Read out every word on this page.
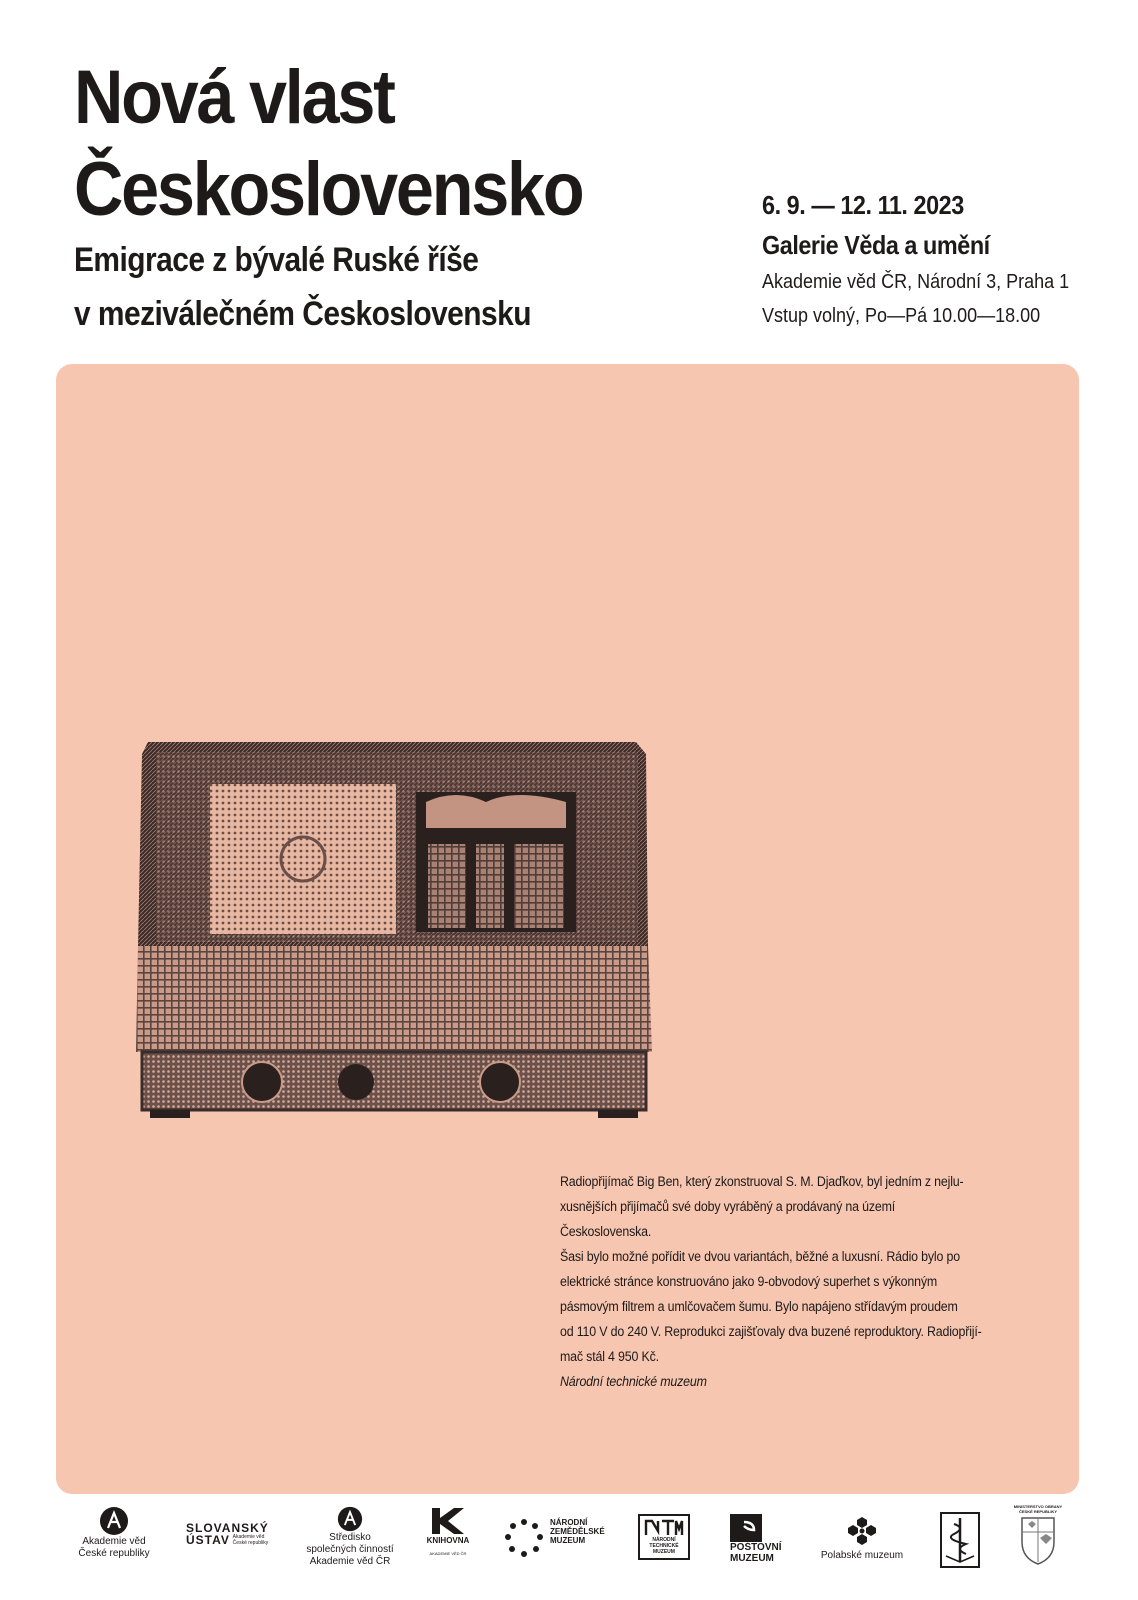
Nová vlast
Československo
Emigrace z bývalé Ruské říše
v meziválečném Československu
6. 9. — 12. 11. 2023
Galerie Věda a umění
Akademie věd ČR, Národní 3, Praha 1
Vstup volný, Po—Pá 10.00—18.00
Radiopřijímač Big Ben, který zkonstruoval S. M. Djaďkov, byl jedním z nejlu-
xusnějších přijímačů své doby vyráběný a prodávaný na území Československa.
Šasi bylo možné pořídit ve dvou variantách, běžné a luxusní. Rádio bylo po
elektrické stránce konstruováno jako 9-obvodový superhet s výkonným
pásmovým filtrem a umlčovačem šumu. Bylo napájeno střídavým proudem
od 110 V do 240 V. Reprodukci zajišťovaly dva buzené reproduktory. Radiopřijí-
mač stál 4 950 Kč.
Národní technické muzeum
Akademie věd
České republiky
SLOVANSKÝ
ÚSTAV Akademie věd České republiky	Středisko
společných činností
Akademie věd ČR
KNIHOVNA
AKADEMIE VĚD ČR
NÁRODNÍ
ZEMĚDĚLSKÉ
MUZEUM	NÁRODNÍ
TECHNICKÉ
MUZEUM	POŠTOVNÍ
MUZEUM	Polabské muzeum
MINISTERSTVO OBRANY
ČESKÉ REPUBLIKY
